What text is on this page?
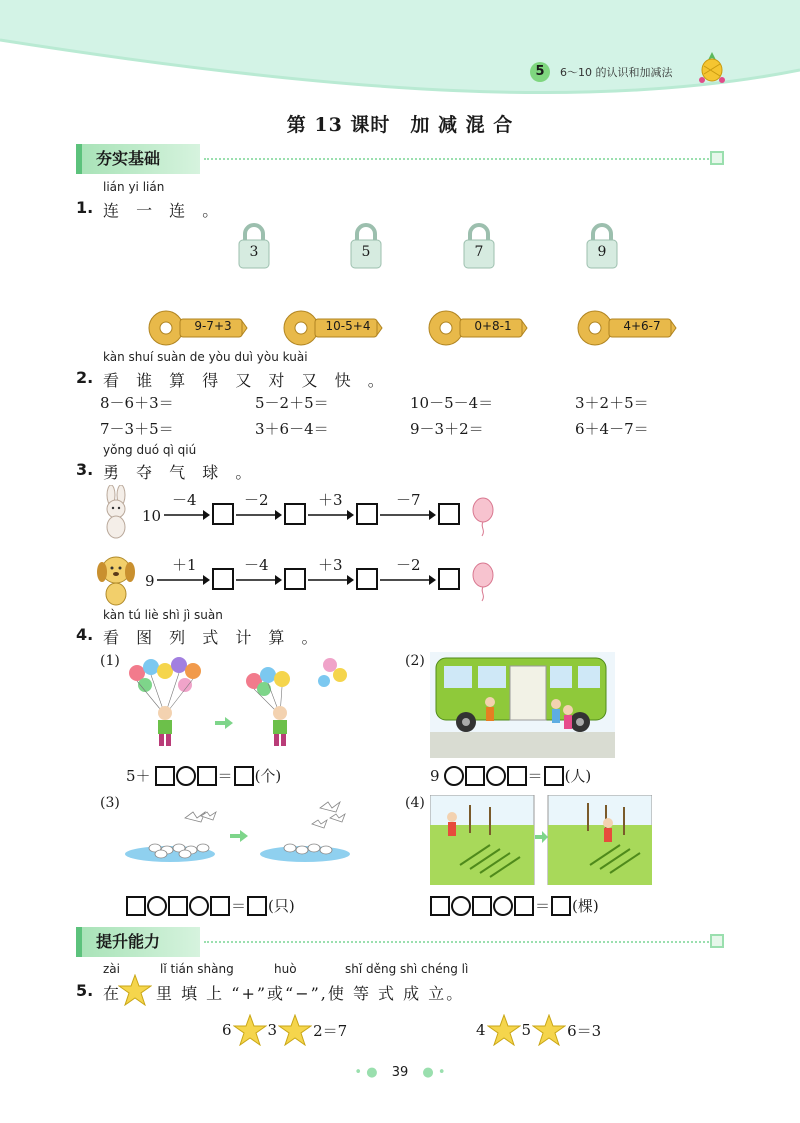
5	6～10 的认识和加减法
第 13 课时　加 减 混 合
夯实基础
lián yi lián
1. 连 一 连 。
3	5	7	9
9-7+3	10-5+4	0+8-1	4+6-7
kàn shuí suàn de yòu duì yòu kuài
2. 看 谁 算 得 又 对 又 快 。
8－6＋3＝	5－2＋5＝	10－5－4＝	3＋2＋5＝
7－3＋5＝	3＋6－4＝	9－3＋2＝	6＋4－7＝
yǒng duó qì qiú
3. 勇 夺 气 球 。
10
－4	－2	＋3	－7
9
＋1	－4	＋3	－2
kàn tú liè shì jì suàn
4. 看 图 列 式 计 算 。
(1)	(2)
(3)	(4)
5＋	＝ (个)	9	＝ (人)
＝ (只)	＝ (棵)
提升能力
zài	lǐ tián shàng	huò	shǐ děng shì chéng lì
5. 在 里 填 上 “+”或“−”,使 等 式 成 立。
6 3 2＝7	4 5 6＝3
• ● 39 ● •
